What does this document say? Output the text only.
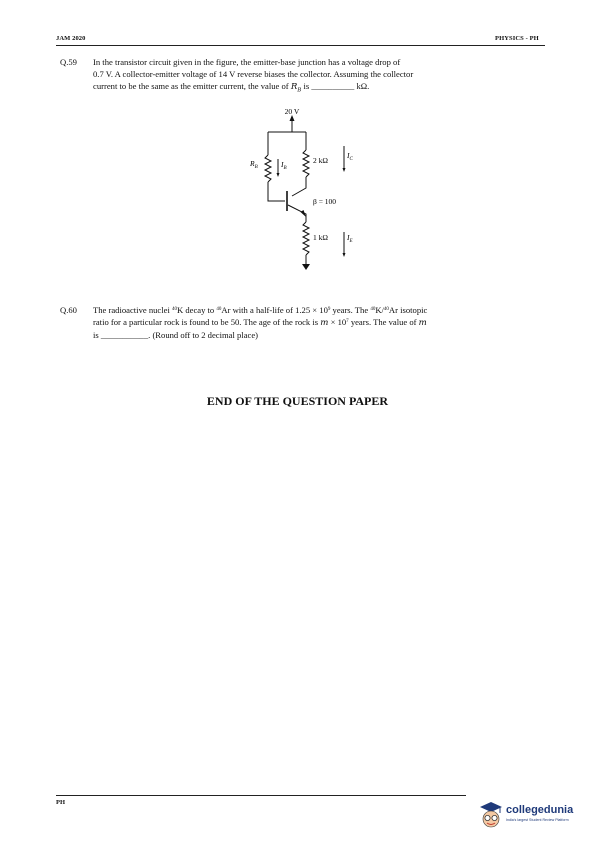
JAM 2020	PHYSICS - PH
Q.59 In the transistor circuit given in the figure, the emitter-base junction has a voltage drop of
0.7 V. A collector-emitter voltage of 14 V reverse biases the collector. Assuming the collector
current to be the same as the emitter current, the value of $R_B$ is __________ kΩ.
20 V
$R_B$	$I_B$
2 kΩ
$I_C$
β = 100
1 kΩ	$I_E$
Q.60 The radioactive nuclei $^{40}$K decay to $^{40}$Ar with a half-life of $1.25 \times 10^9$ years. The $^{40}$K/$^{40}$Ar isotopic
ratio for a particular rock is found to be 50. The age of the rock is $m \times 10^7$ years. The value of m
is ___________. (Round off to 2 decimal place)
END OF THE QUESTION PAPER
PH
collegedunia
India's largest Student Review Platform
